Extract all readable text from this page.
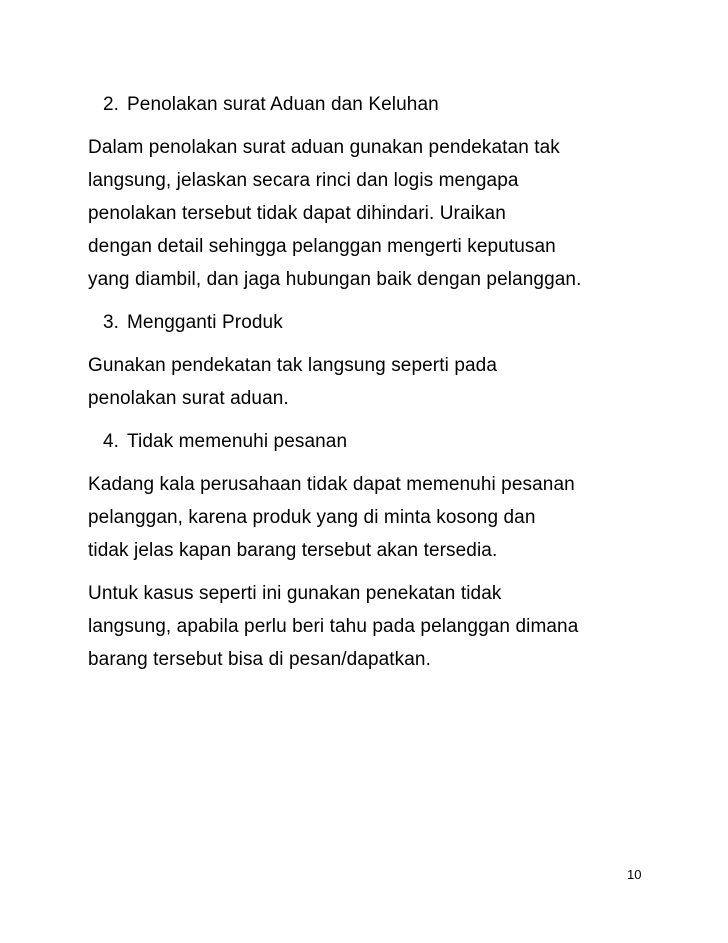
2. Penolakan surat Aduan dan Keluhan
Dalam penolakan surat aduan gunakan pendekatan tak
langsung, jelaskan secara rinci dan logis mengapa
penolakan tersebut tidak dapat dihindari. Uraikan
dengan detail sehingga pelanggan mengerti keputusan
yang diambil, dan jaga hubungan baik dengan pelanggan.
3. Mengganti Produk
Gunakan pendekatan tak langsung seperti pada
penolakan surat aduan.
4. Tidak memenuhi pesanan
Kadang kala perusahaan tidak dapat memenuhi pesanan
pelanggan, karena produk yang di minta kosong dan
tidak jelas kapan barang tersebut akan tersedia.
Untuk kasus seperti ini gunakan penekatan tidak
langsung, apabila perlu beri tahu pada pelanggan dimana
barang tersebut bisa di pesan/dapatkan.
10
